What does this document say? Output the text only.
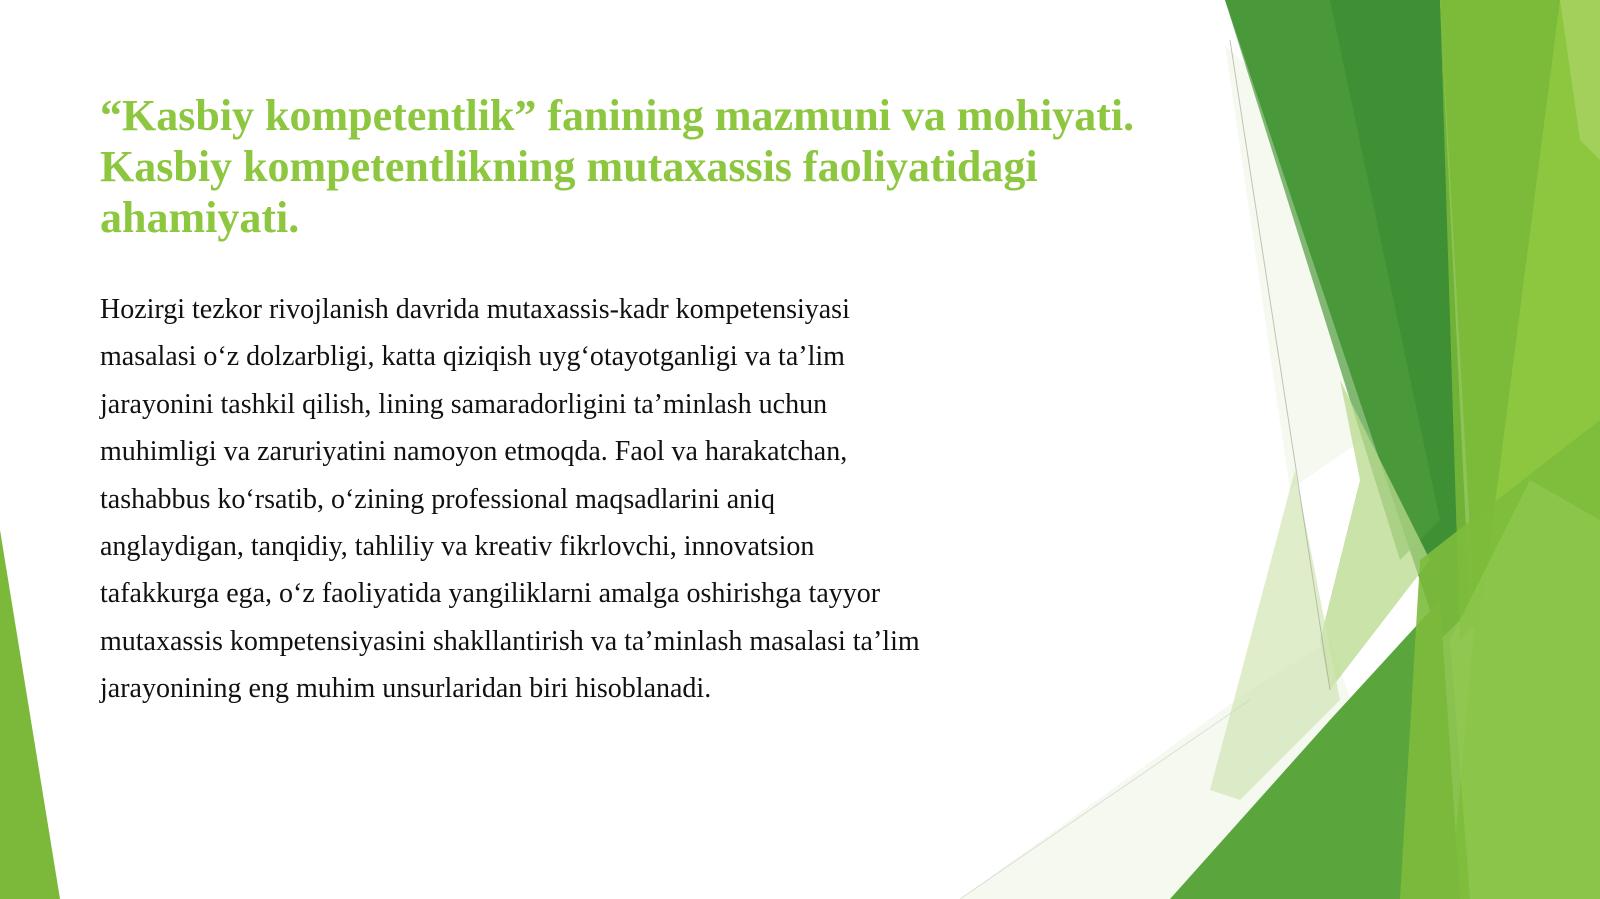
“Kasbiy kompetentlik” fanining mazmuni va mohiyati. Kasbiy kompetentlikning mutaxassis faoliyatidagi ahamiyati.

Hozirgi tezkor rivojlanish davrida mutaxassis-kadr kompetensiyasi masalasi o‘z dolzarbligi, katta qiziqish uyg‘otayotganligi va ta’lim jarayonini tashkil qilish, lining samaradorligini ta’minlash uchun muhimligi va zaruriyatini namoyon etmoqda. Faol va harakatchan, tashabbus ko‘rsatib, o‘zining professional maqsadlarini aniq anglaydigan, tanqidiy, tahliliy va kreativ fikrlovchi, innovatsion tafakkurga ega, o‘z faoliyatida yangiliklarni amalga oshirishga tayyor mutaxassis kompetensiyasini shakllantirish va ta’minlash masalasi ta’lim jarayonining eng muhim unsurlaridan biri hisoblanadi.
